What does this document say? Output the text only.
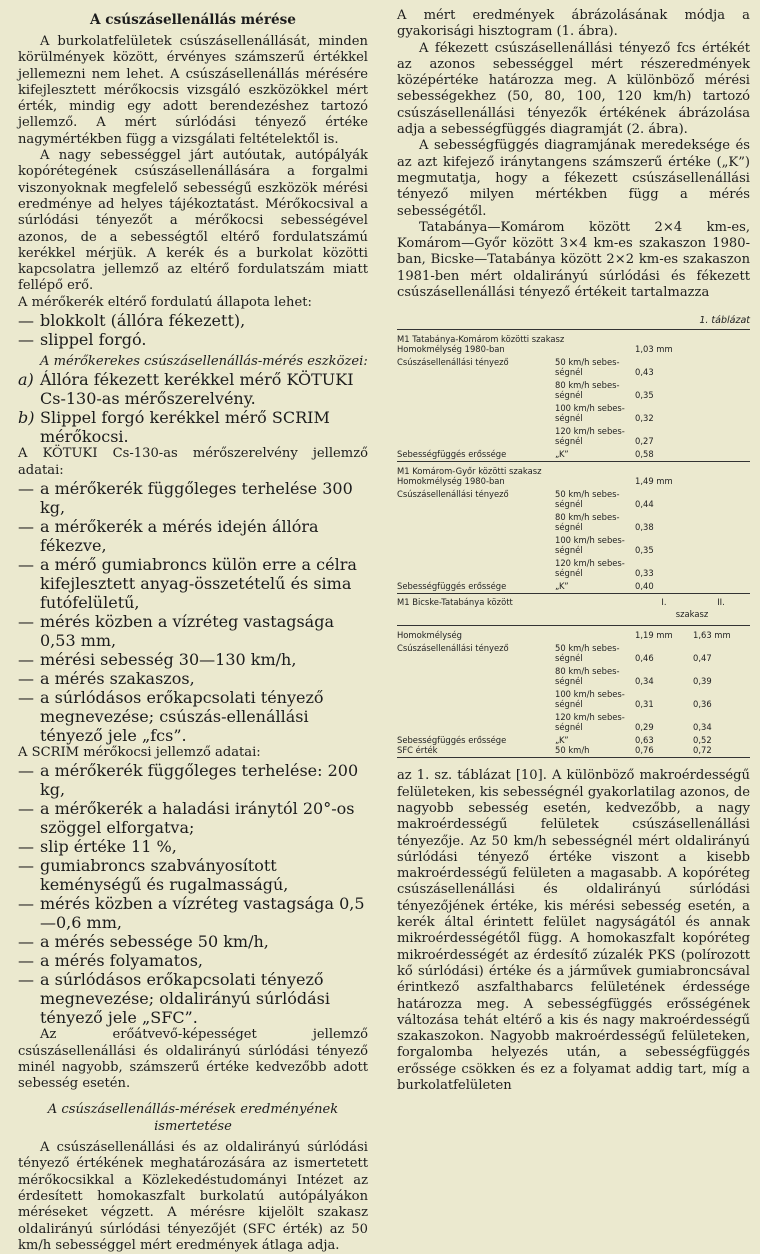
A csúszásellenállás mérése

A burkolatfelületek csúszásellenállását, minden körülmények között, érvényes számszerű értékkel jellemezni nem lehet. A csúszásellenállás mérésére kifejlesztett mérőkocsis vizsgáló eszközökkel mért érték, mindig egy adott berendezéshez tartozó jellemző. A mért súrlódási tényező értéke nagymértékben függ a vizsgálati feltételektől is.

A nagy sebességgel járt autóutak, autópályák kopórétegének csúszásellenállására a forgalmi viszonyoknak megfelelő sebességű eszközök mérési eredménye ad helyes tájékoztatást. Mérőkocsival a súrlódási tényezőt a mérőkocsi sebességével azonos, de a sebességtől eltérő fordulatszámú kerékkel mérjük. A kerék és a burkolat közötti kapcsolatra jellemző az eltérő fordulatszám miatt fellépő erő.

A mérőkerék eltérő fordulatú állapota lehet:

— blokkolt (állóra fékezett),
— slippel forgó.

A mérőkerekes csúszásellenállás-mérés eszközei:

a) Állóra fékezett kerékkel mérő KÖTUKI Cs-130-as mérőszerelvény.
b) Slippel forgó kerékkel mérő SCRIM mérőkocsi.

A KÖTUKI Cs-130-as mérőszerelvény jellemző adatai:

— a mérőkerék függőleges terhelése 300 kg,
— a mérőkerék a mérés idején állóra fékezve,
— a mérő gumiabroncs külön erre a célra kifejlesztett anyag-összetételű és sima futófelületű,
— mérés közben a vízréteg vastagsága 0,53 mm,
— mérési sebesség 30—130 km/h,
— a mérés szakaszos,
— a súrlódásos erőkapcsolati tényező megnevezése; csúszás-ellenállási tényező jele „fcs”.

A SCRIM mérőkocsi jellemző adatai:

— a mérőkerék függőleges terhelése: 200 kg,
— a mérőkerék a haladási iránytól 20°-os szöggel elforgatva;
— slip értéke 11 %,
— gumiabroncs szabványosított keménységű és rugalmasságú,
— mérés közben a vízréteg vastagsága 0,5—0,6 mm,
— a mérés sebessége 50 km/h,
— a mérés folyamatos,
— a súrlódásos erőkapcsolati tényező megnevezése; oldalirányú súrlódási tényező jele „SFC”.

Az erőátvevő-képességet jellemző csúszásellenállási és oldalirányú súrlódási tényező minél nagyobb, számszerű értéke kedvezőbb adott sebesség esetén.

A csúszásellenállás-mérések eredményének ismertetése

A csúszásellenállási és az oldalirányú súrlódási tényező értékének meghatározására az ismertetett mérőkocsikkal a Közlekedéstudományi Intézet az érdesített homokaszfalt burkolatú autópályákon méréseket végzett. A mérésre kijelölt szakasz oldalirányú súrlódási tényezőjét (SFC érték) az 50 km/h sebességgel mért eredmények átlaga adja.

A mért eredmények ábrázolásának módja a gyakorisági hisztogram (1. ábra).

A fékezett csúszásellenállási tényező fcs értékét az azonos sebességgel mért részeredmények középértéke határozza meg. A különböző mérési sebességekhez (50, 80, 100, 120 km/h) tartozó csúszásellenállási tényezők értékének ábrázolása adja a sebességfüggés diagramját (2. ábra).

A sebességfüggés diagramjának meredeksége és az azt kifejező iránytangens számszerű értéke („K”) megmutatja, hogy a fékezett csúszásellenállási tényező milyen mértékben függ a mérés sebességétől.

Tatabánya—Komárom között 2×4 km-es, Komárom—Győr között 3×4 km-es szakaszon 1980-ban, Bicske—Tatabánya között 2×2 km-es szakaszon 1981-ben mért oldalirányú súrlódási és fékezett csúszásellenállási tényező értékeit tartalmazza

1. táblázat
M1 Tatabánya-Komárom közötti szakasz
Homokmélység 1980-ban	1,03 mm
Csúszásellenállási tényező	50 km/h sebes-
ségnél	0,43
80 km/h sebes-
ségnél	0,35
100 km/h sebes-
ségnél	0,32
120 km/h sebes-
ségnél	0,27
Sebességfüggés erőssége	„K”	0,58
M1 Komárom-Győr közötti szakasz
Homokmélység 1980-ban	1,49 mm
Csúszásellenállási tényező	50 km/h sebes-
ségnél	0,44
80 km/h sebes-
ségnél	0,38
100 km/h sebes-
ségnél	0,35
120 km/h sebes-
ségnél	0,33
Sebességfüggés erőssége	„K”	0,40
M1 Bicske-Tatabánya között	I.	II.
szakasz
Homokmélység	1,19 mm	1,63 mm
Csúszásellenállási tényező	50 km/h sebes-
ségnél	0,46	0,47
80 km/h sebes-
ségnél	0,34	0,39
100 km/h sebes-
ségnél	0,31	0,36
120 km/h sebes-
ségnél	0,29	0,34
Sebességfüggés erőssége	„K”	0,63	0,52
SFC érték	50 km/h	0,76	0,72

az 1. sz. táblázat [10]. A különböző makroérdességű felületeken, kis sebességnél gyakorlatilag azonos, de nagyobb sebesség esetén, kedvezőbb, a nagy makroérdességű felületek csúszásellenállási tényezője. Az 50 km/h sebességnél mért oldalirányú súrlódási tényező értéke viszont a kisebb makroérdességű felületen a magasabb. A kopóréteg csúszásellenállási és oldalirányú súrlódási tényezőjének értéke, kis mérési sebesség esetén, a kerék által érintett felület nagyságától és annak mikroérdességétől függ. A homokaszfalt kopóréteg mikroérdességét az érdesítő zúzalék PKS (polírozott kő súrlódási) értéke és a járművek gumiabroncsával érintkező aszfalthabarcs felületének érdessége határozza meg. A sebességfüggés erősségének változása tehát eltérő a kis és nagy makroérdességű szakaszokon. Nagyobb makroérdességű felületeken, forgalomba helyezés után, a sebességfüggés erőssége csökken és ez a folyamat addig tart, míg a burkolatfelületen
